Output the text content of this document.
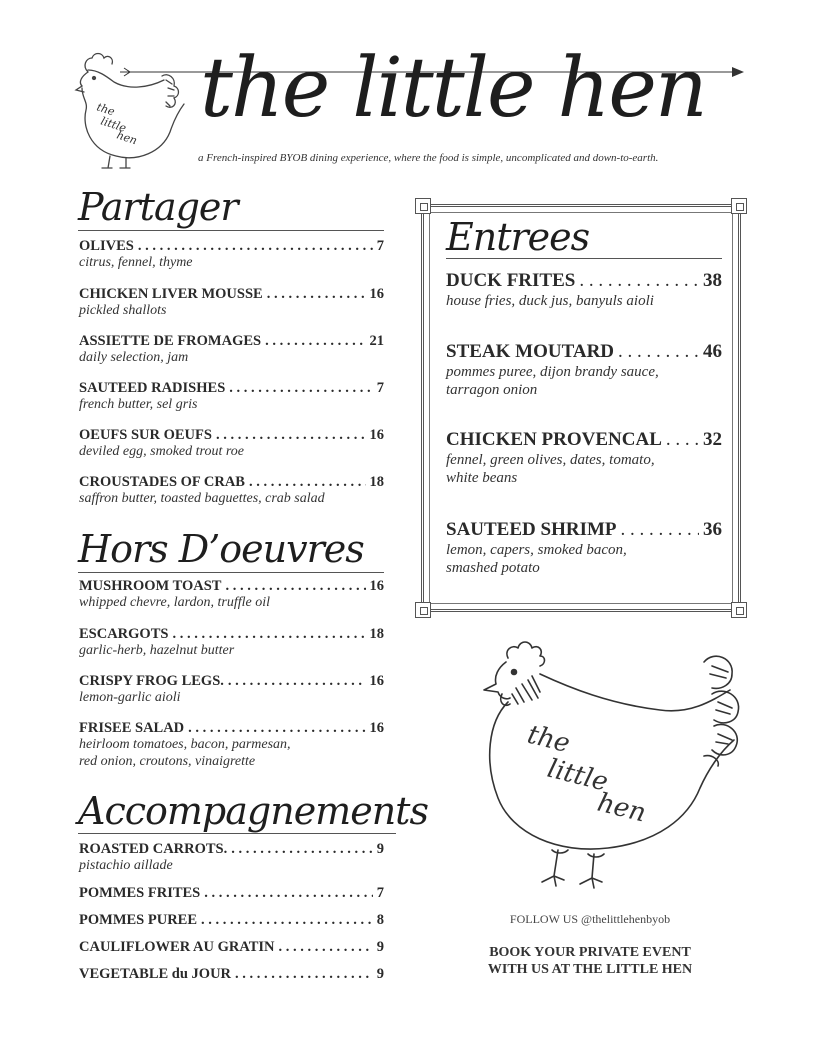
the
little
hen
the little hen
a French-inspired BYOB dining experience, where the food is simple, uncomplicated and down-to-earth.
Partager
OLIVES . . .	7
citrus, fennel, thyme
CHICKEN LIVER MOUSSE . . .	16
pickled shallots
ASSIETTE DE FROMAGES . . .	21
daily selection, jam
SAUTEED RADISHES . . .	7
french butter, sel gris
OEUFS SUR OEUFS . . .	16
deviled egg, smoked trout roe
CROUSTADES OF CRAB . . .	18
saffron butter, toasted baguettes, crab salad
Hors D’oeuvres
MUSHROOM TOAST . . .	16
whipped chevre, lardon, truffle oil
ESCARGOTS . . .	18
garlic-herb, hazelnut butter
CRISPY FROG LEGS. . . .	16
lemon-garlic aioli
FRISEE SALAD . . .	16
heirloom tomatoes, bacon, parmesan,
red onion, croutons, vinaigrette
Accompagnements
ROASTED CARROTS. . . .	9
pistachio aillade
POMMES FRITES . . .	7
POMMES PUREE . . .	8
CAULIFLOWER AU GRATIN . . .	9
VEGETABLE du JOUR . . .	9
Entrees
DUCK FRITES . . .	38
house fries, duck jus, banyuls aioli
STEAK MOUTARD . . .	46
pommes puree, dijon brandy sauce,
tarragon onion
CHICKEN PROVENCAL . . . 32
fennel, green olives, dates, tomato,
white beans
SAUTEED SHRIMP . . .	36
lemon, capers, smoked bacon,
smashed potato
the
little
hen
FOLLOW US @thelittlehenbyob
BOOK YOUR PRIVATE EVENT
WITH US AT THE LITTLE HEN
